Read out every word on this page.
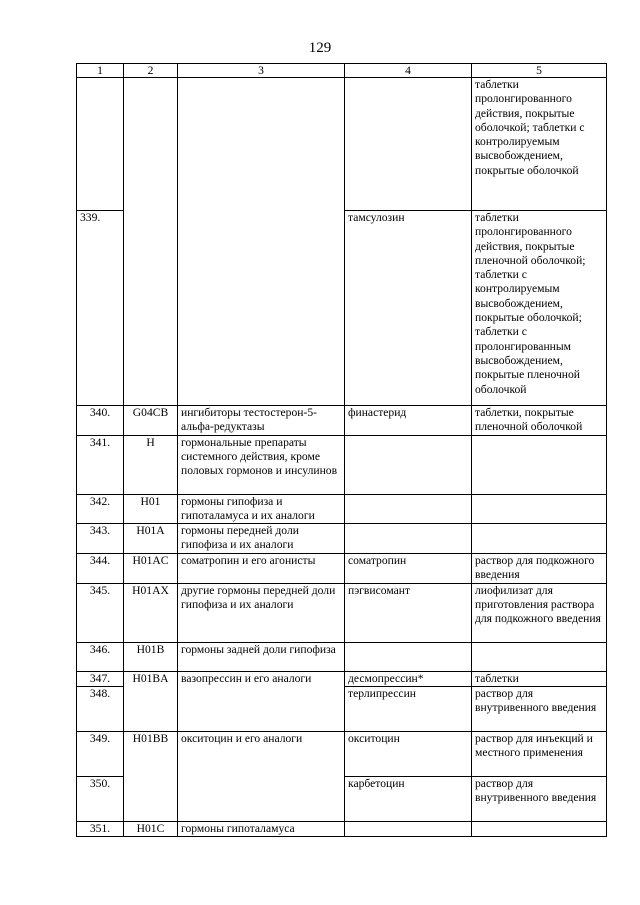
129
1	2	3	4	5
				таблетки пролонгированного действия, покрытые оболочкой; таблетки с контролируемым высвобождением, покрытые оболочкой
339.			тамсулозин	таблетки пролонгированного действия, покрытые пленочной оболочкой; таблетки с контролируемым высвобождением, покрытые оболочкой; таблетки с пролонгированным высвобождением, покрытые пленочной оболочкой
340.	G04CB	ингибиторы тестостерон-5-альфа-редуктазы	финастерид	таблетки, покрытые пленочной оболочкой
341.	H	гормональные препараты системного действия, кроме половых гормонов и инсулинов		
342.	H01	гормоны гипофиза и гипоталамуса и их аналоги		
343.	H01A	гормоны передней доли гипофиза и их аналоги		
344.	H01AC	соматропин и его агонисты	соматропин	раствор для подкожного введения
345.	H01AX	другие гормоны передней доли гипофиза и их аналоги	пэгвисомант	лиофилизат для приготовления раствора для подкожного введения
346.	H01B	гормоны задней доли гипофиза		
347.	H01BA	вазопрессин и его аналоги	десмопрессин*	таблетки
348.			терлипрессин	раствор для внутривенного введения
349.	H01BB	окситоцин и его аналоги	окситоцин	раствор для инъекций и местного применения
350.			карбетоцин	раствор для внутривенного введения
351.	H01C	гормоны гипоталамуса		
